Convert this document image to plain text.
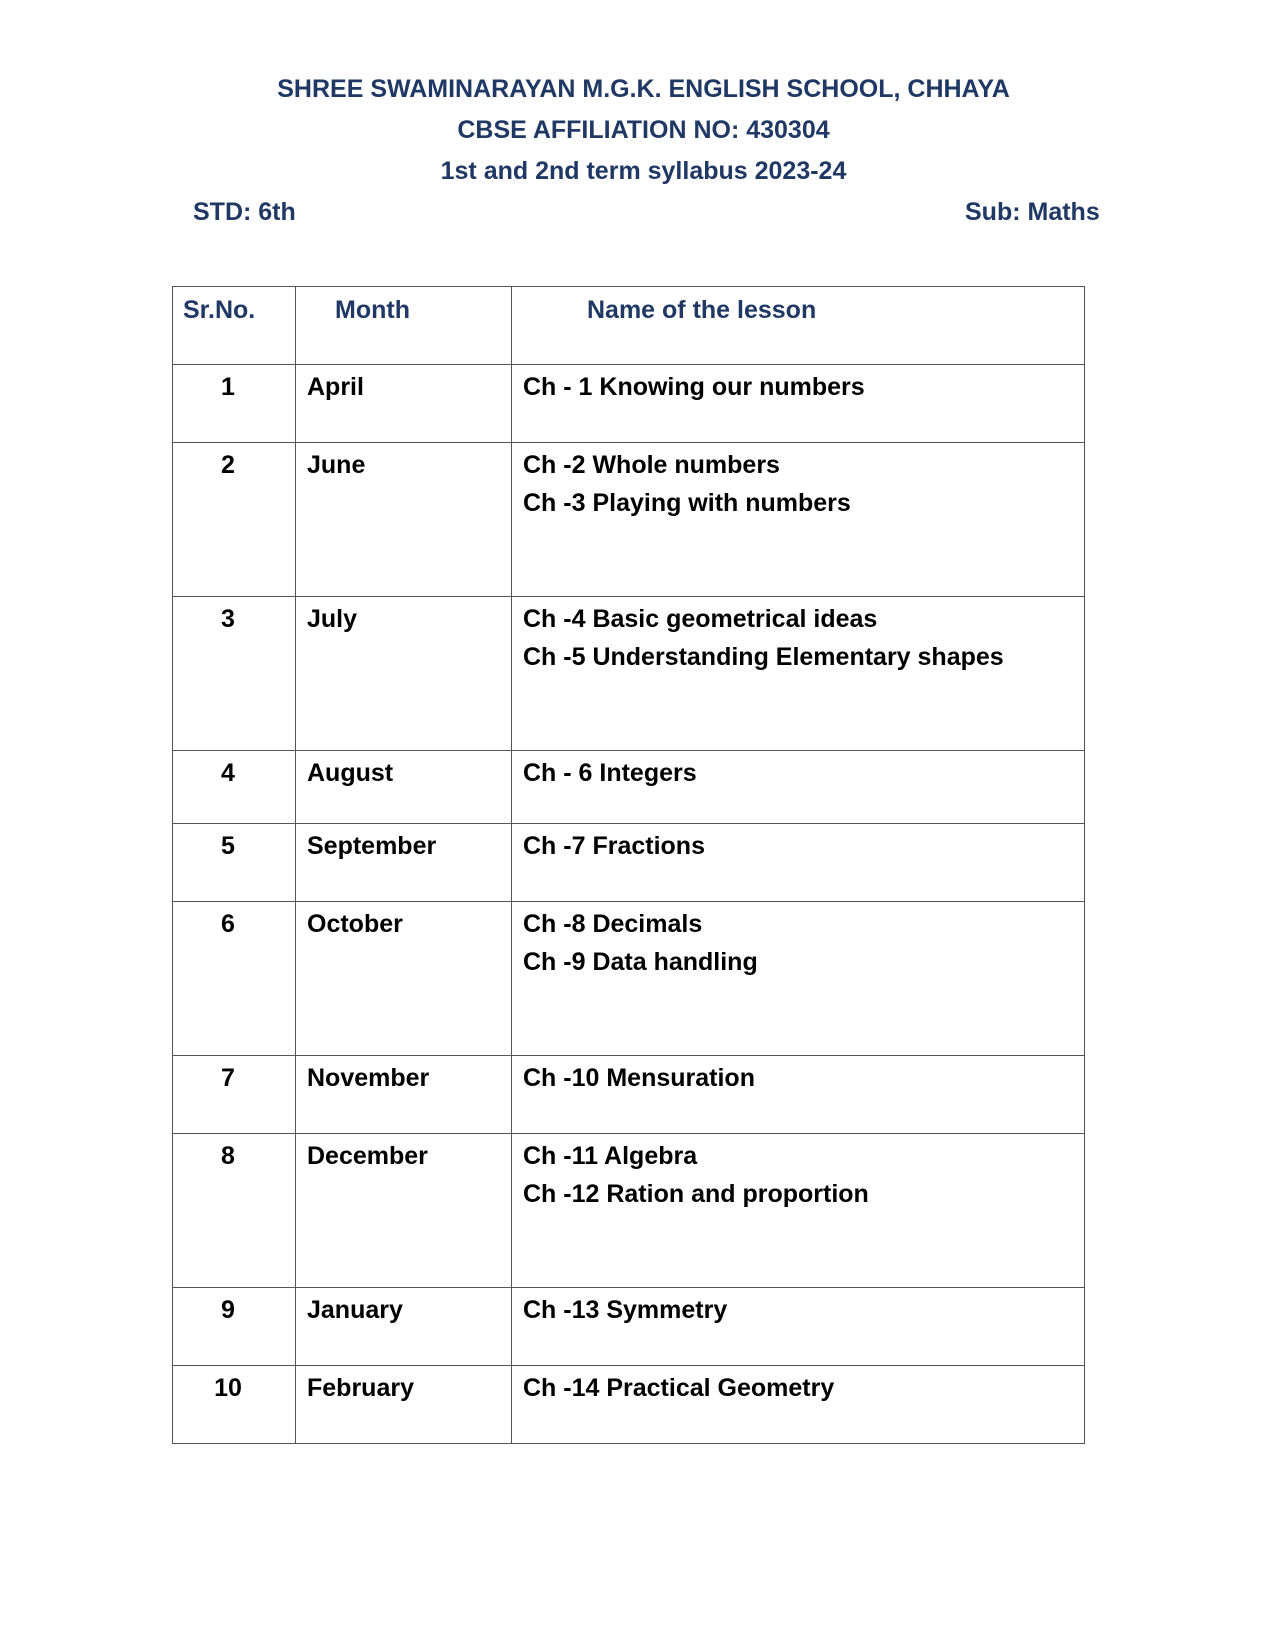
SHREE SWAMINARAYAN M.G.K. ENGLISH SCHOOL, CHHAYA
CBSE AFFILIATION NO: 430304
1st and 2nd term syllabus 2023-24
STD: 6th	Sub: Maths
Sr.No.	Month	Name of the lesson
1	April	Ch - 1 Knowing our numbers

2	June	Ch -2 Whole numbers
Ch -3 Playing with numbers

3	July	Ch -4 Basic geometrical ideas
Ch -5 Understanding Elementary shapes

4	August	Ch - 6 Integers

5	September	Ch -7 Fractions

6	October	Ch -8 Decimals
Ch -9 Data handling

7	November	Ch -10 Mensuration

8	December	Ch -11 Algebra
Ch -12 Ration and proportion

9	January	Ch -13 Symmetry

10	February	Ch -14 Practical Geometry
